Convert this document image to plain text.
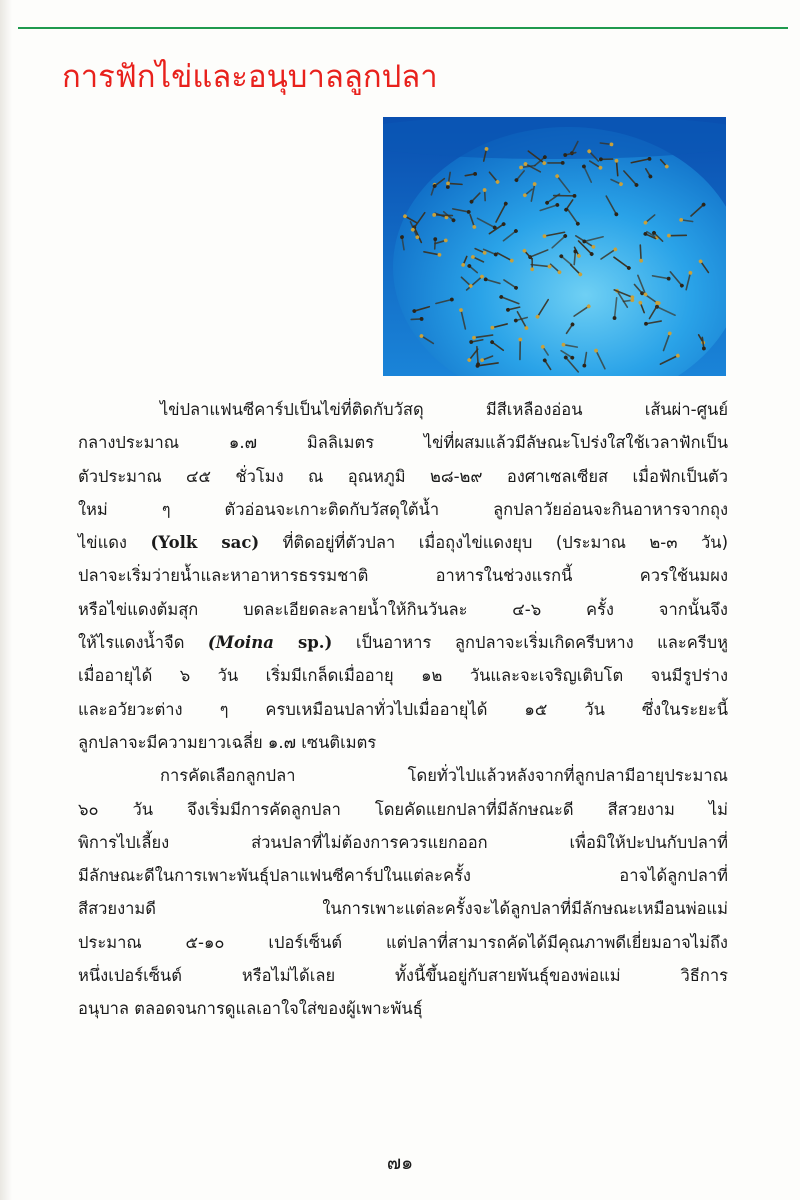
การฟักไข่และอนุบาลลูกปลา
ไข่ปลาแฟนซีคาร์ปเป็นไข่ที่ติดกับวัสดุ มีสีเหลืองอ่อน เส้นผ่า-ศูนย์
กลางประมาณ ๑.๗ มิลลิเมตร ไข่ที่ผสมแล้วมีลัษณะโปร่งใสใช้เวลาฟักเป็น
ตัวประมาณ ๔๕ ชั่วโมง ณ อุณหภูมิ ๒๘-๒๙ องศาเซลเซียส เมื่อฟักเป็นตัว
ใหม่ ๆ ตัวอ่อนจะเกาะติดกับวัสดุใต้น้ำ ลูกปลาวัยอ่อนจะกินอาหารจากถุง
ไข่แดง (Yolk sac) ที่ติดอยู่ที่ตัวปลา เมื่อถุงไข่แดงยุบ (ประมาณ ๒-๓ วัน)
ปลาจะเริ่มว่ายน้ำและหาอาหารธรรมชาติ อาหารในช่วงแรกนี้ ควรใช้นมผง
หรือไข่แดงต้มสุก บดละเอียดละลายน้ำให้กินวันละ ๔-๖ ครั้ง จากนั้นจึง
ให้ไรแดงน้ำจืด (Moina sp.) เป็นอาหาร ลูกปลาจะเริ่มเกิดครีบหาง และครีบหู
เมื่ออายุได้ ๖ วัน เริ่มมีเกล็ดเมื่ออายุ ๑๒ วันและจะเจริญเติบโต จนมีรูปร่าง
และอวัยวะต่าง ๆ ครบเหมือนปลาทั่วไปเมื่ออายุได้ ๑๕ วัน ซึ่งในระยะนี้
ลูกปลาจะมีความยาวเฉลี่ย ๑.๗ เซนติเมตร
การคัดเลือกลูกปลา โดยทั่วไปแล้วหลังจากที่ลูกปลามีอายุประมาณ
๖๐ วัน จึงเริ่มมีการคัดลูกปลา โดยคัดแยกปลาที่มีลักษณะดี สีสวยงาม ไม่
พิการไปเลี้ยง ส่วนปลาที่ไม่ต้องการควรแยกออก เพื่อมิให้ปะปนกับปลาที่
มีลักษณะดีในการเพาะพันธุ์ปลาแฟนซีคาร์ปในแต่ละครั้ง อาจได้ลูกปลาที่
สีสวยงามดี ในการเพาะแต่ละครั้งจะได้ลูกปลาที่มีลักษณะเหมือนพ่อแม่
ประมาณ ๕-๑๐ เปอร์เซ็นต์ แต่ปลาที่สามารถคัดได้มีคุณภาพดีเยี่ยมอาจไม่ถึง
หนึ่งเปอร์เซ็นต์ หรือไม่ได้เลย ทั้งนี้ขึ้นอยู่กับสายพันธุ์ของพ่อแม่ วิธีการ
อนุบาล ตลอดจนการดูแลเอาใจใส่ของผู้เพาะพันธุ์
๗๑
